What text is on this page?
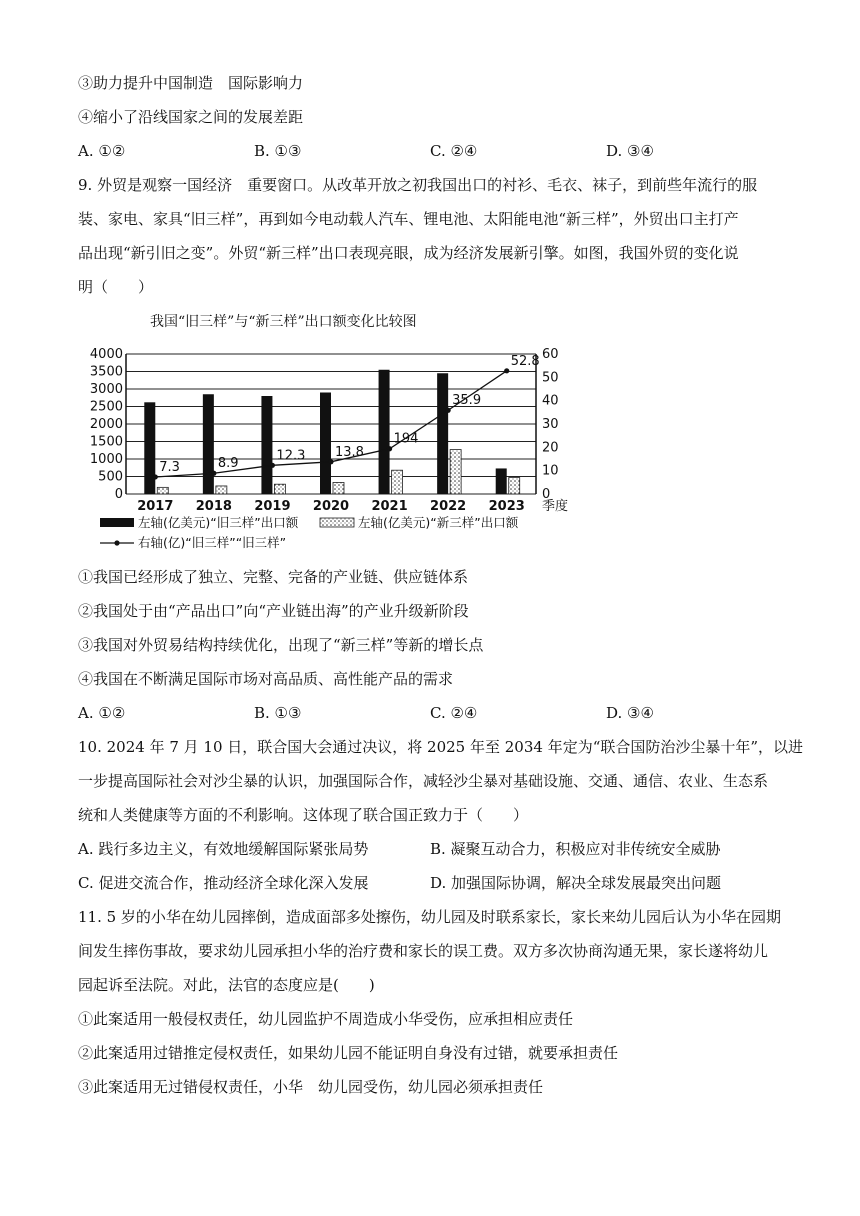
③助力提升中国制造　国际影响力
④缩小了沿线国家之间的发展差距
A. ①②	B. ①③	C. ②④	D. ③④
9. 外贸是观察一国经济　重要窗口。从改革开放之初我国出口的衬衫、毛衣、袜子，到前些年流行的服
装、家电、家具“旧三样”，再到如今电动载人汽车、锂电池、太阳能电池“新三样”，外贸出口主打产
品出现“新引旧之变”。外贸“新三样”出口表现亮眼，成为经济发展新引擎。如图，我国外贸的变化说
明（　　）
我国“旧三样”与“新三样”出口额变化比较图
0
500
1000
1500
2000
2500
3000
3500
4000
0
10
20
30
40
50
60
2017 2018 2019 2020 2021 2022 2023 季度
7.3	8.9
12.3 13.8
194
35.9
52.8
左轴(亿美元)“旧三样”出口额	左轴(亿美元)“新三样”出口额
右轴(亿)“旧三样”“旧三样”
①我国已经形成了独立、完整、完备的产业链、供应链体系
②我国处于由“产品出口”向“产业链出海”的产业升级新阶段
③我国对外贸易结构持续优化，出现了“新三样”等新的增长点
④我国在不断满足国际市场对高品质、高性能产品的需求
A. ①②	B. ①③	C. ②④	D. ③④
10. 2024 年 7 月 10 日，联合国大会通过决议，将 2025 年至 2034 年定为“联合国防治沙尘暴十年”，以进
一步提高国际社会对沙尘暴的认识，加强国际合作，减轻沙尘暴对基础设施、交通、通信、农业、生态系
统和人类健康等方面的不利影响。这体现了联合国正致力于（　　）
A. 践行多边主义，有效地缓解国际紧张局势	B. 凝聚互动合力，积极应对非传统安全威胁
C. 促进交流合作，推动经济全球化深入发展	D. 加强国际协调，解决全球发展最突出问题
11. 5 岁的小华在幼儿园摔倒，造成面部多处擦伤，幼儿园及时联系家长，家长来幼儿园后认为小华在园期
间发生摔伤事故，要求幼儿园承担小华的治疗费和家长的误工费。双方多次协商沟通无果，家长遂将幼儿
园起诉至法院。对此，法官的态度应是(　　)
①此案适用一般侵权责任，幼儿园监护不周造成小华受伤，应承担相应责任
②此案适用过错推定侵权责任，如果幼儿园不能证明自身没有过错，就要承担责任
③此案适用无过错侵权责任，小华　幼儿园受伤，幼儿园必须承担责任
